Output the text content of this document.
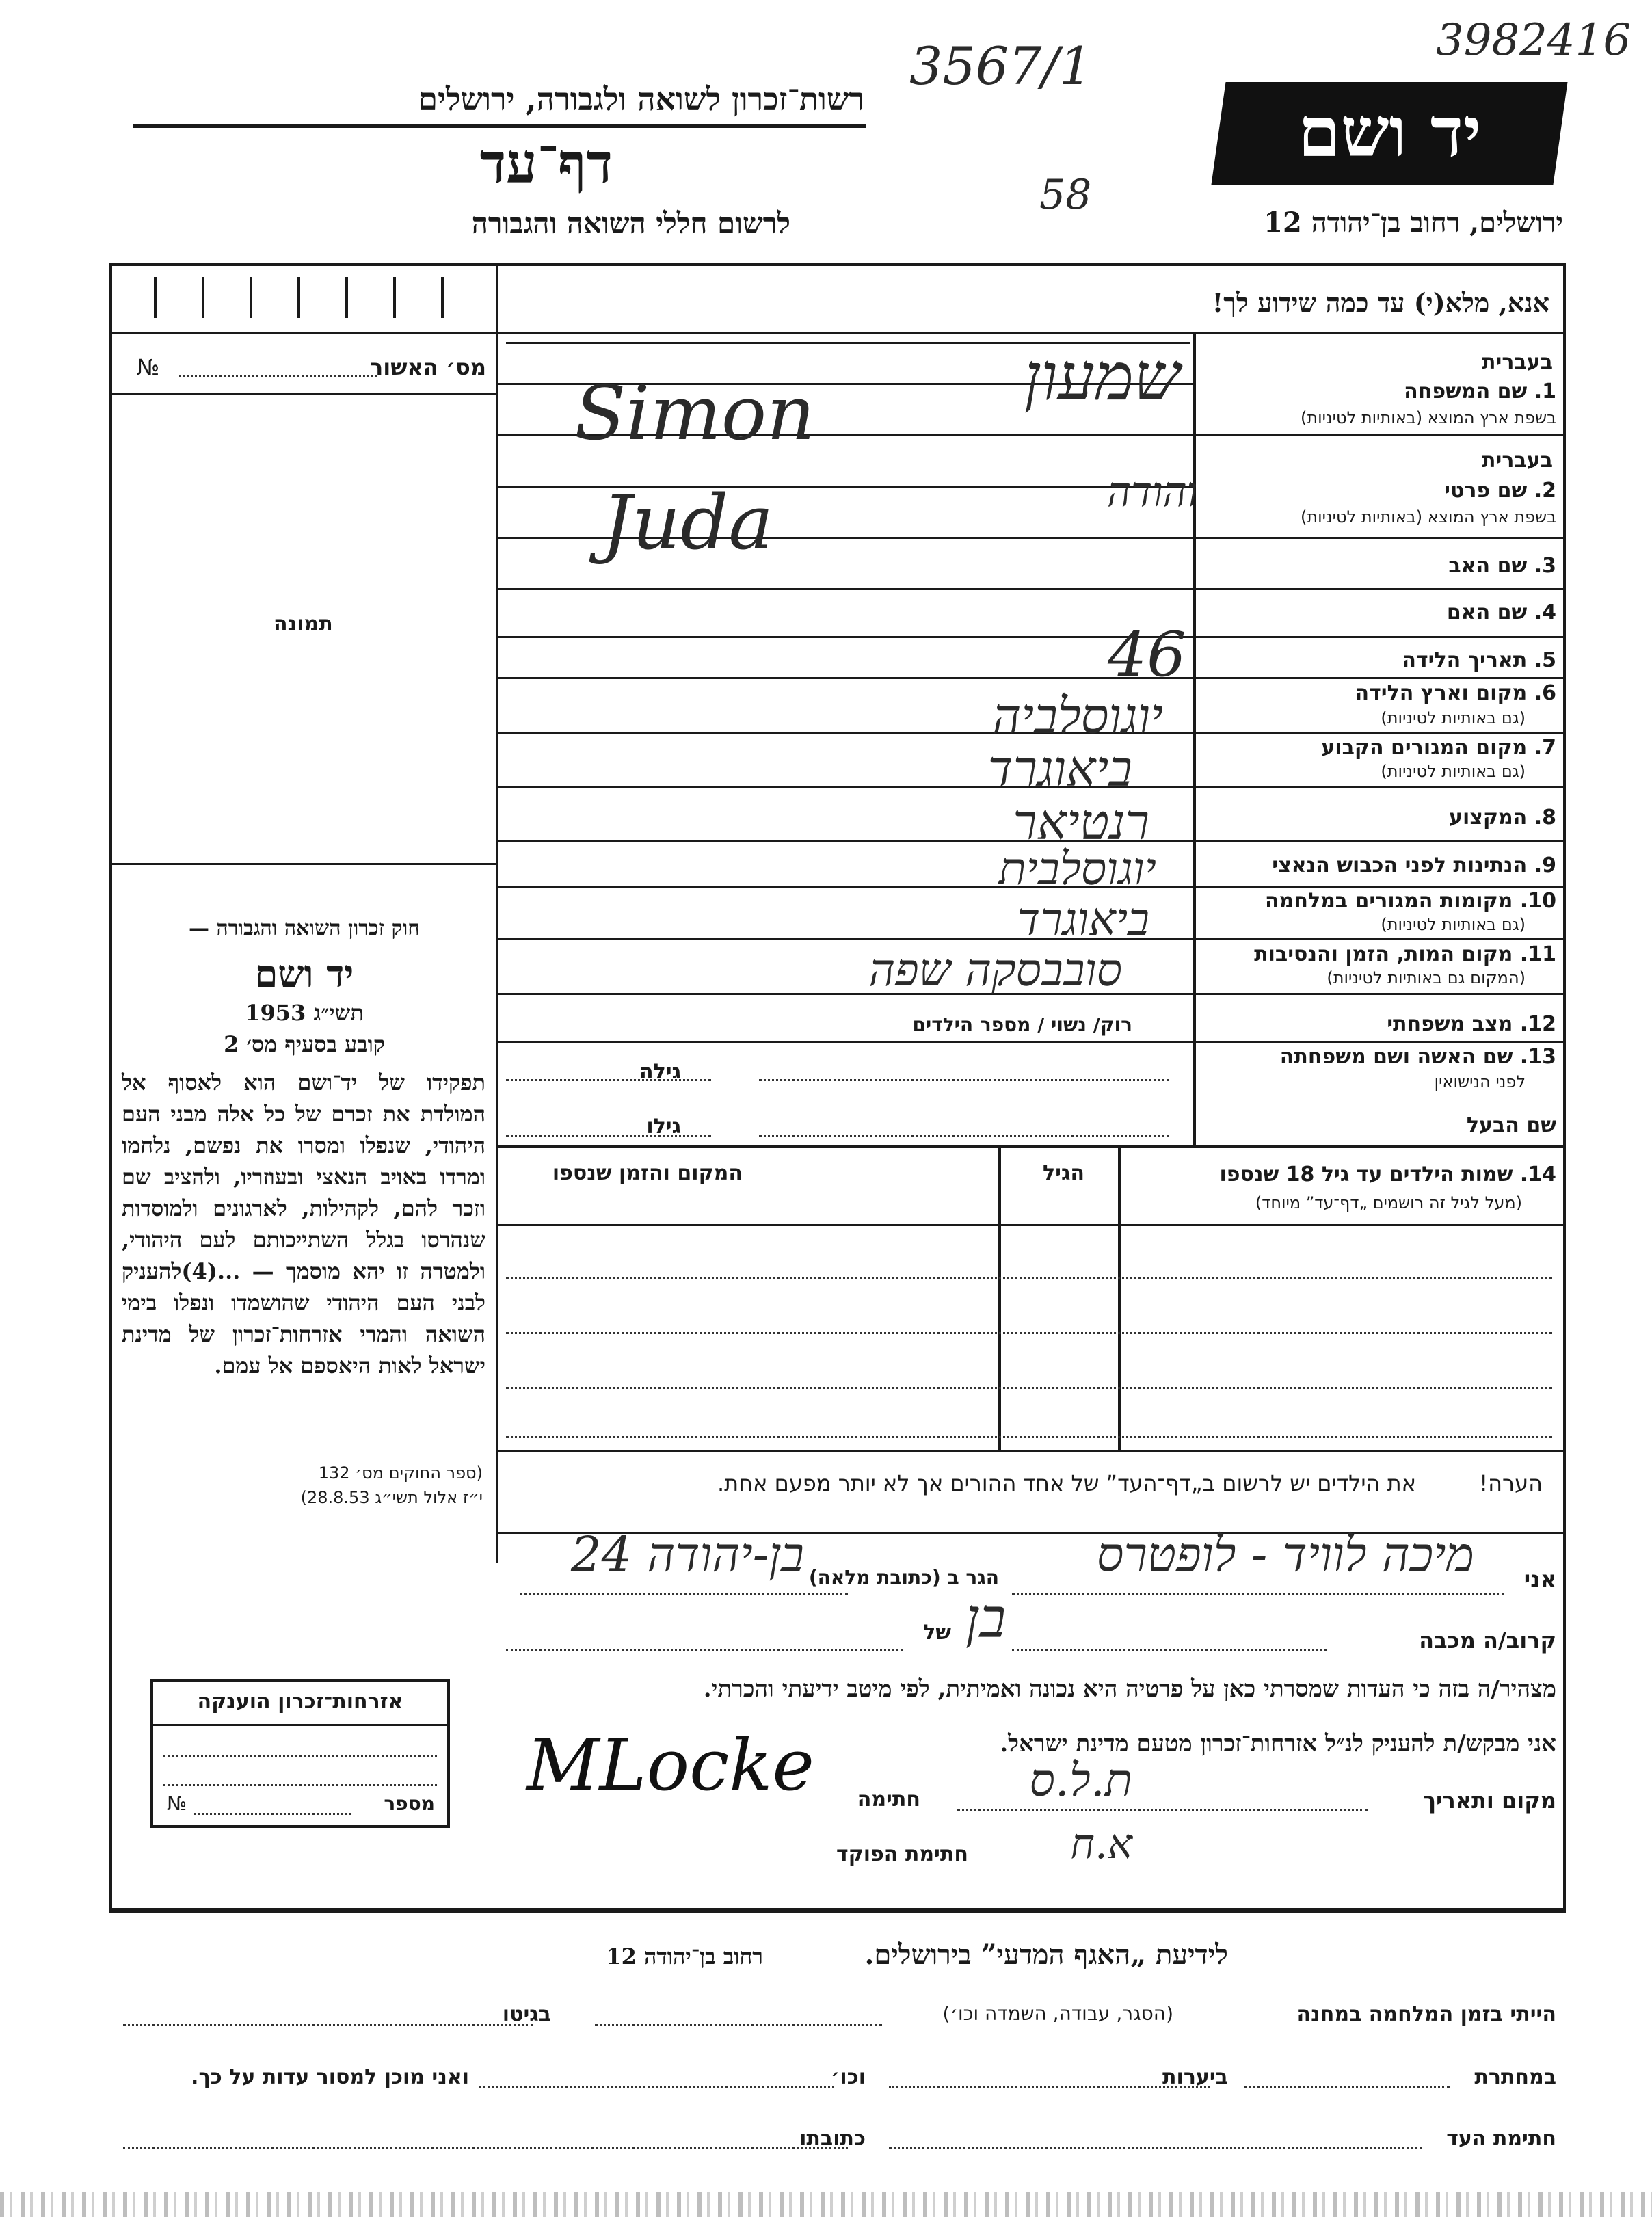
3982416
3567/1
58
רשות־זכרון לשואה ולגבורה, ירושלים
דף־עד
לרשום חללי השואה והגבורה
יד ושם
ירושלים, רחוב בן־יהודה 12
אנא, מלא(י) עד כמה שידוע לך!
№	מס׳ האשור
תמונה
חוק זכרון השואה והגבורה —
יד ושם
תשי״ג 1953
קובע בסעיף מס׳ 2
תפקידו של יד־ושם הוא לאסוף אל המולדת את זכרם של כל אלה מבני העם היהודי, שנפלו ומסרו את נפשם, נלחמו ומרדו באויב הנאצי ובעוזריו, ולהציב שם וזכר להם, לקהילות, לארגונים ולמוסדות שנהרסו בגלל השתייכותם לעם היהודי, ולמטרה זו יהא מוסמך — ...(4)להעניק לבני העם היהודי שהושמדו ונפלו בימי השואה והמרי אזרחות־זכרון של מדינת ישראל לאות היאספם אל עמם.
(ספר החוקים מס׳ 132
י״ז אלול תשי״ג 28.8.53)
בעברית
1. שם המשפחה
בשפת ארץ המוצא (באותיות לטיניות)
בעברית
2. שם פרטי
בשפת ארץ המוצא (באותיות לטיניות)
3. שם האב
4. שם האם
5. תאריך הלידה
6. מקום וארץ הלידה
(גם באותיות לטיניות)
7. מקום המגורים הקבוע
(גם באותיות לטיניות)
8. המקצוע
9. הנתינות לפני הכבוש הנאצי
10. מקומות המגורים במלחמה
(גם באותיות לטיניות)
11. מקום המות, הזמן והנסיבות
(המקום גם באותיות לטיניות)
12. מצב משפחתי
13. שם האשה ושם משפחתה
לפני הנישואין
שם הבעל
שמעון
Simon
והודה
Juda
46
יוגוסלביה
ביאוגרד
רנטיאר
יוגוסלבית
ביאוגרד
סובבסקה שפה
רוק/ נשוי / מספר הילדים
גילה
גילו
14. שמות הילדים עד גיל 18 שנספו
(מעל לגיל זה רושמים „דף־עד” מיוחד)
הגיל
המקום והזמן שנספו
הערה!
את הילדים יש לרשום ב„דף־העד” של אחד ההורים אך לא יותר מפעם אחת.
אני
מיכה לוויד - לופטרס
הגר ב (כתובת מלאה)
בן-יהודה 24
קרוב/ה מכבה
של בן
מצהיר/ה בזה כי העדות שמסרתי כאן על פרטיה היא נכונה ואמיתית, לפי מיטב ידיעתי והכרתי.
אני מבקש/ת להעניק לנ״ל אזרחות־זכרון מטעם מדינת ישראל.
מקום ותאריך
ת.ל.ס
חתימה
MLocke
חתימת הפוקד א.ח
אזרחות־זכרון הוענקה
№	מספר
לידיעת „האגף המדעי” בירושלים.
רחוב בן־יהודה 12
הייתי בזמן המלחמה במחנה
(הסגר, עבודה, השמדה וכו׳)
בגיטו
במחתרת
ביערות
וכו׳
ואני מוכן למסור עדות על כך.
חתימת העד
כתובתו
